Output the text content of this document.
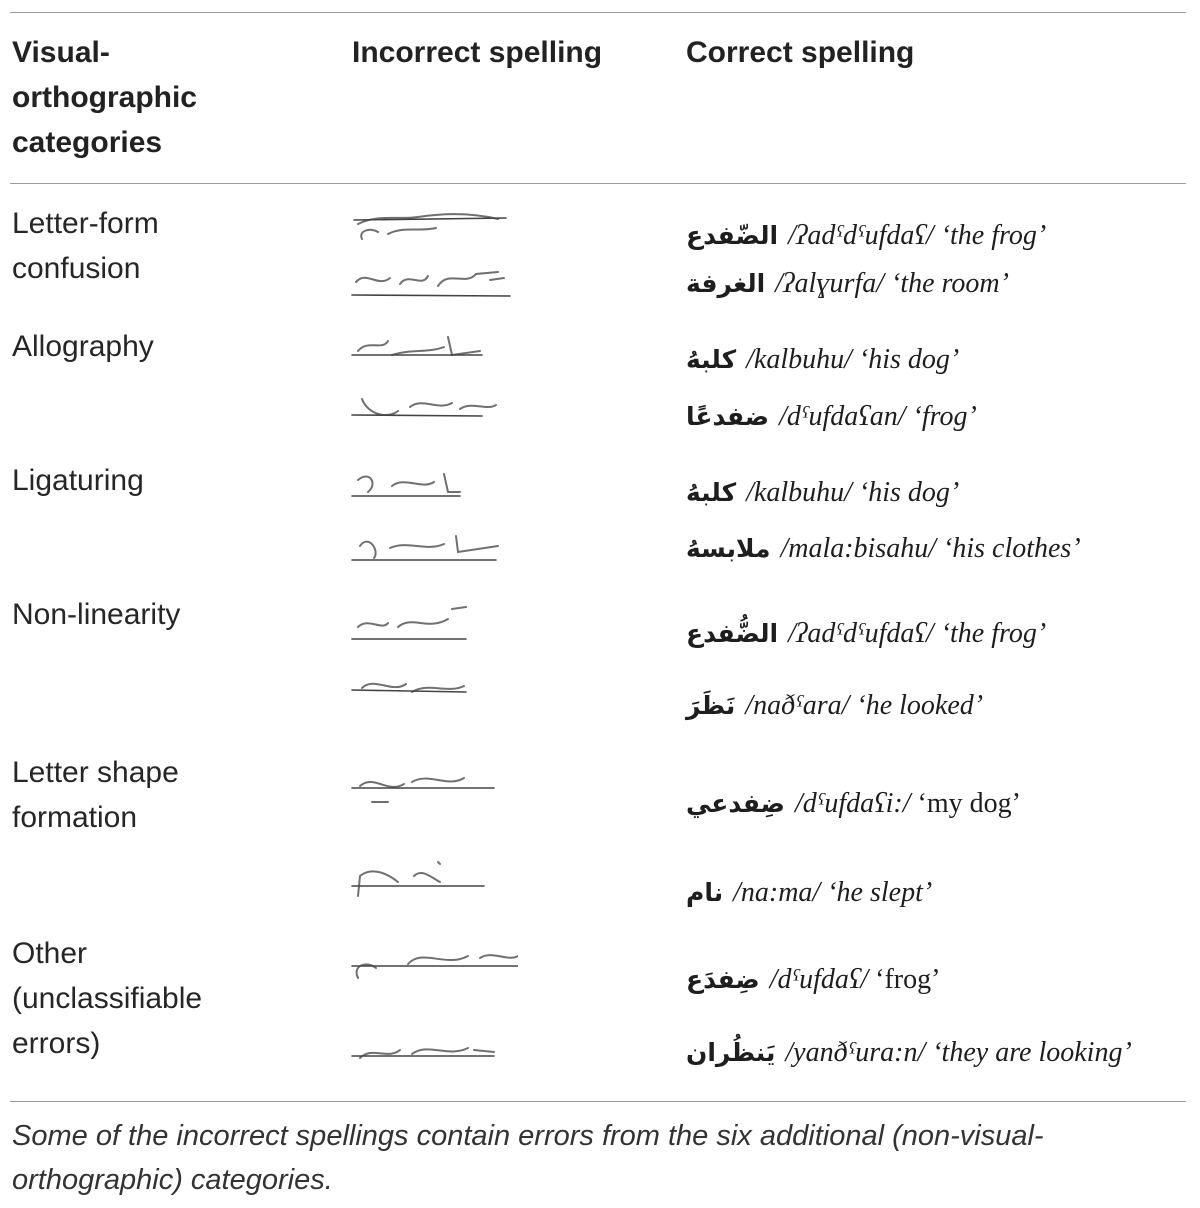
Visual-
orthographic
categories
Incorrect spelling	Correct spelling
Letter-form
confusion
Allography
Ligaturing
Non-linearity
Letter shape
formation
Other
(unclassifiable
errors)
الضّفدع /ʔadˤdˤufdaʕ/ ‘the frog’
الغرفة /ʔalɣurfa/ ‘the room’
كلبهُ /kalbuhu/ ‘his dog’
ضفدعًا /dˤufdaʕan/ ‘frog’
كلبهُ /kalbuhu/ ‘his dog’
ملابسهُ /mala:bisahu/ ‘his clothes’
الضُّفدع /ʔadˤdˤufdaʕ/ ‘the frog’
نَظَرَ /naðˤara/ ‘he looked’
ضِفدعي /dˤufdaʕi:/ ‘my dog’
نام /na:ma/ ‘he slept’
ضِفدَع /dˤufdaʕ/ ‘frog’
يَنظُران /yanðˤura:n/ ‘they are looking’
Some of the incorrect spellings contain errors from the six additional (non-visual-orthographic) categories.
